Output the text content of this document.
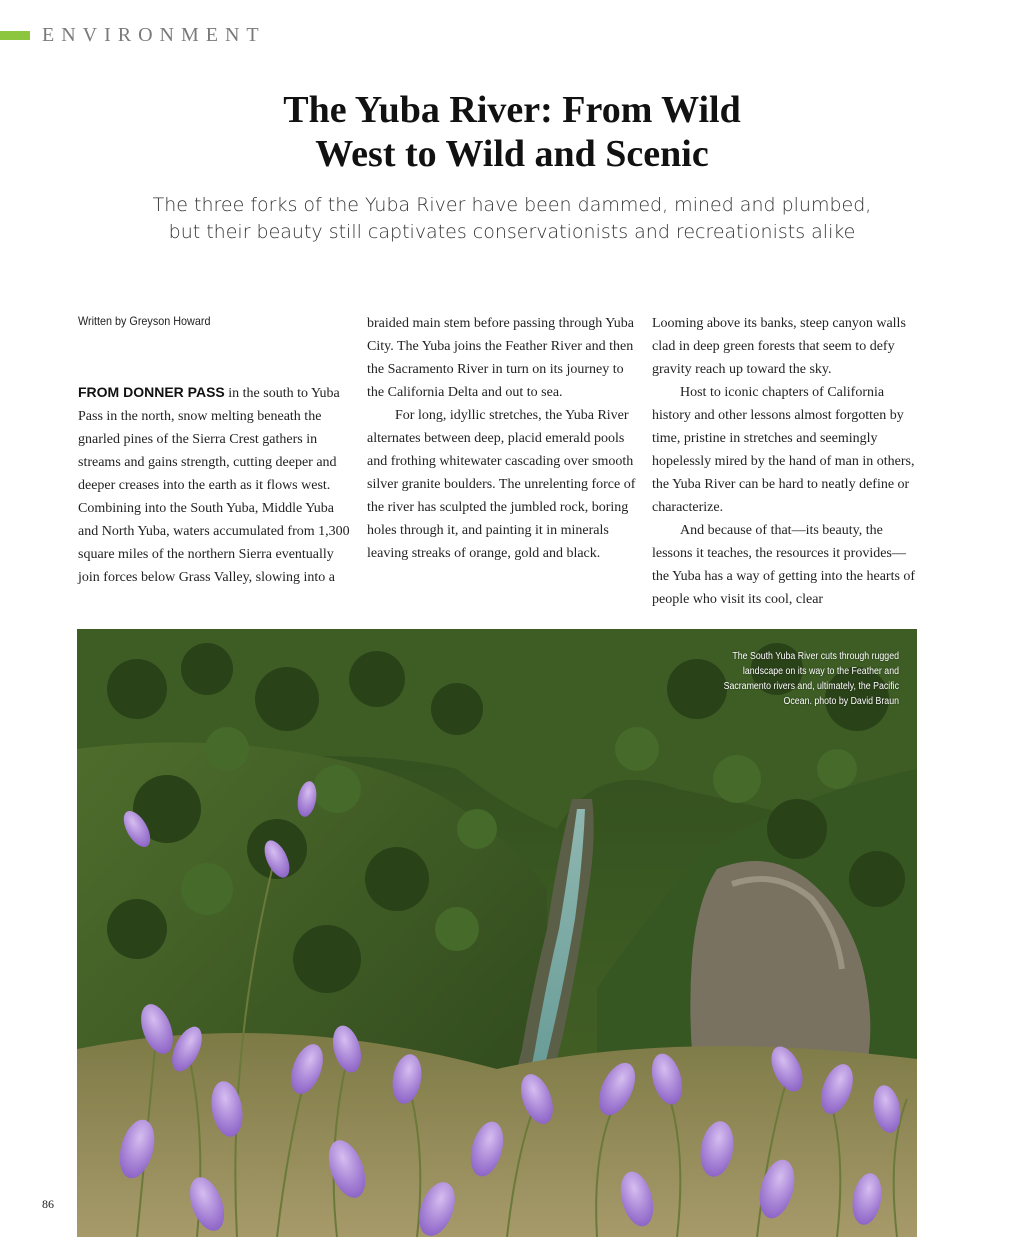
ENVIRONMENT
The Yuba River: From Wild
West to Wild and Scenic
The three forks of the Yuba River have been dammed, mined and plumbed,
but their beauty still captivates conservationists and recreationists alike
Written by Greyson Howard

FROM DONNER PASS in the south to Yuba Pass in the north, snow melting beneath the gnarled pines of the Sierra Crest gathers in streams and gains strength, cutting deeper and deeper creases into the earth as it flows west. Combining into the South Yuba, Middle Yuba and North Yuba, waters accumulated from 1,300 square miles of the northern Sierra eventually join forces below Grass Valley, slowing into a

braided main stem before passing through Yuba City. The Yuba joins the Feather River and then the Sacramento River in turn on its journey to the California Delta and out to sea.

For long, idyllic stretches, the Yuba River alternates between deep, placid emerald pools and frothing whitewater cascading over smooth silver granite boulders. The unrelenting force of the river has sculpted the jumbled rock, boring holes through it, and painting it in minerals leaving streaks of orange, gold and black.

Looming above its banks, steep canyon walls clad in deep green forests that seem to defy gravity reach up toward the sky.

Host to iconic chapters of California history and other lessons almost forgotten by time, pristine in stretches and seemingly hopelessly mired by the hand of man in others, the Yuba River can be hard to neatly define or characterize.

And because of that—its beauty, the lessons it teaches, the resources it provides—the Yuba has a way of getting into the hearts of people who visit its cool, clear

The South Yuba River cuts through rugged landscape on its way to the Feather and Sacramento rivers and, ultimately, the Pacific Ocean. photo by David Braun
86
